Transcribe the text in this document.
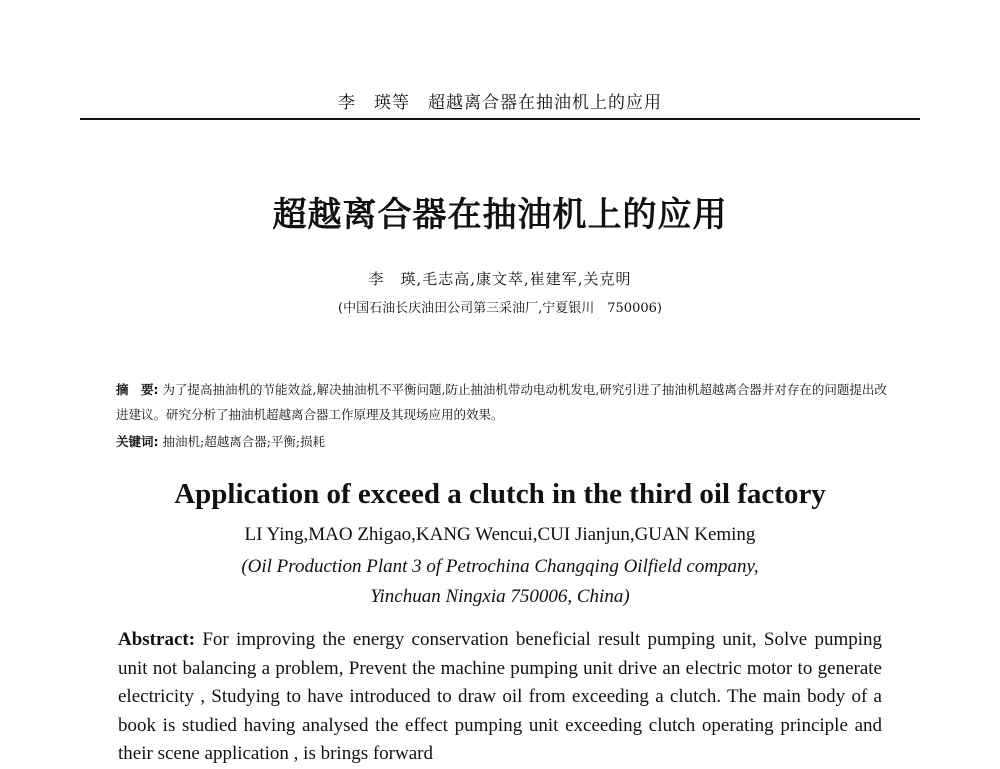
李　瑛等　超越离合器在抽油机上的应用
超越离合器在抽油机上的应用
李　瑛,毛志高,康文萃,崔建军,关克明
(中国石油长庆油田公司第三采油厂,宁夏银川　750006)
摘　要: 为了提高抽油机的节能效益,解决抽油机不平衡问题,防止抽油机带动电动机发电,研究引进了抽油机超越离合器并对存在的问题提出改进建议。研究分析了抽油机超越离合器工作原理及其现场应用的效果。
关键词: 抽油机;超越离合器;平衡;损耗
Application of exceed a clutch in the third oil factory
LI Ying,MAO Zhigao,KANG Wencui,CUI Jianjun,GUAN Keming
(Oil Production Plant 3 of Petrochina Changqing Oilfield company,
Yinchuan Ningxia 750006, China)
Abstract: For improving the energy conservation beneficial result pumping unit, Solve pumping unit not balancing a problem, Prevent the machine pumping unit drive an electric motor to generate electricity , Studying to have introduced to draw oil from exceeding a clutch. The main body of a book is studied having analysed the effect pumping unit exceeding clutch operating principle and their scene application , is brings forward
